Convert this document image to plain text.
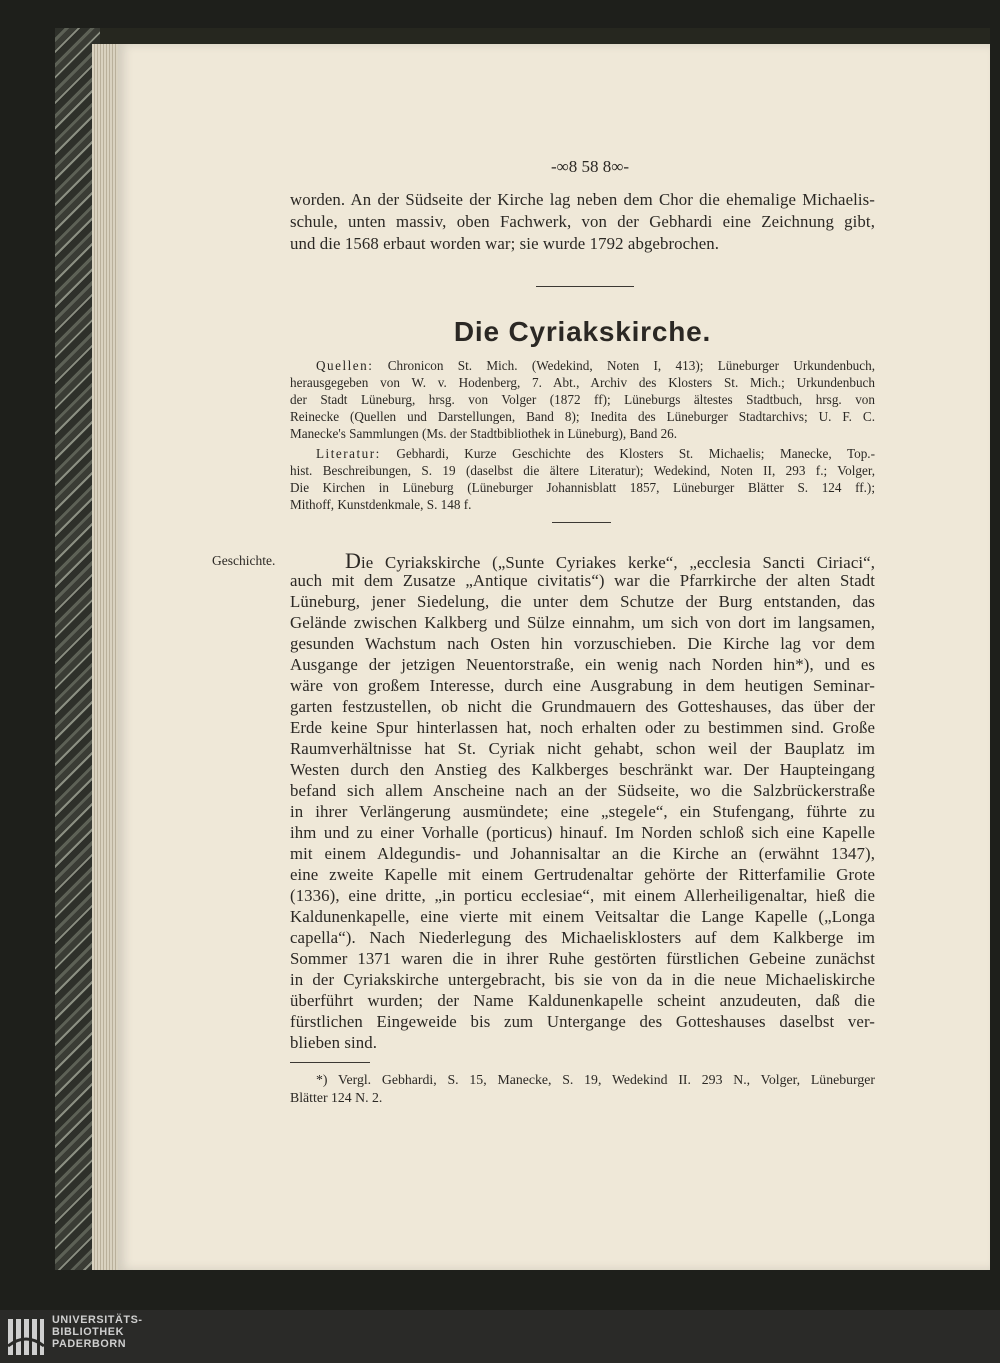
-∞8 58 8∞-
worden. An der Südseite der Kirche lag neben dem Chor die ehemalige Michaelis-
schule, unten massiv, oben Fachwerk, von der Gebhardi eine Zeichnung gibt,
und die 1568 erbaut worden war; sie wurde 1792 abgebrochen.
Die Cyriakskirche.
Quellen: Chronicon St. Mich. (Wedekind, Noten I, 413); Lüneburger Urkundenbuch,
herausgegeben von W. v. Hodenberg, 7. Abt., Archiv des Klosters St. Mich.; Urkundenbuch
der Stadt Lüneburg, hrsg. von Volger (1872 ff); Lüneburgs ältestes Stadtbuch, hrsg. von
Reinecke (Quellen und Darstellungen, Band 8); Inedita des Lüneburger Stadtarchivs; U. F. C.
Manecke's Sammlungen (Ms. der Stadtbibliothek in Lüneburg), Band 26.
Literatur: Gebhardi, Kurze Geschichte des Klosters St. Michaelis; Manecke, Top.-
hist. Beschreibungen, S. 19 (daselbst die ältere Literatur); Wedekind, Noten II, 293 f.; Volger,
Die Kirchen in Lüneburg (Lüneburger Johannisblatt 1857, Lüneburger Blätter S. 124 ff.);
Mithoff, Kunstdenkmale, S. 148 f.
Geschichte.	Die Cyriakskirche („Sunte Cyriakes kerke“, „ecclesia Sancti Ciriaci“,
auch mit dem Zusatze „Antique civitatis“) war die Pfarrkirche der alten Stadt
Lüneburg, jener Siedelung, die unter dem Schutze der Burg entstanden, das
Gelände zwischen Kalkberg und Sülze einnahm, um sich von dort im langsamen,
gesunden Wachstum nach Osten hin vorzuschieben. Die Kirche lag vor dem
Ausgange der jetzigen Neuentorstraße, ein wenig nach Norden hin*), und es
wäre von großem Interesse, durch eine Ausgrabung in dem heutigen Seminar-
garten festzustellen, ob nicht die Grundmauern des Gotteshauses, das über der
Erde keine Spur hinterlassen hat, noch erhalten oder zu bestimmen sind. Große
Raumverhältnisse hat St. Cyriak nicht gehabt, schon weil der Bauplatz im
Westen durch den Anstieg des Kalkberges beschränkt war. Der Haupteingang
befand sich allem Anscheine nach an der Südseite, wo die Salzbrückerstraße
in ihrer Verlängerung ausmündete; eine „stegele“, ein Stufengang, führte zu
ihm und zu einer Vorhalle (porticus) hinauf. Im Norden schloß sich eine Kapelle
mit einem Aldegundis- und Johannisaltar an die Kirche an (erwähnt 1347),
eine zweite Kapelle mit einem Gertrudenaltar gehörte der Ritterfamilie Grote
(1336), eine dritte, „in porticu ecclesiae“, mit einem Allerheiligenaltar, hieß die
Kaldunenkapelle, eine vierte mit einem Veitsaltar die Lange Kapelle („Longa
capella“). Nach Niederlegung des Michaelisklosters auf dem Kalkberge im
Sommer 1371 waren die in ihrer Ruhe gestörten fürstlichen Gebeine zunächst
in der Cyriakskirche untergebracht, bis sie von da in die neue Michaeliskirche
überführt wurden; der Name Kaldunenkapelle scheint anzudeuten, daß die
fürstlichen Eingeweide bis zum Untergange des Gotteshauses daselbst ver-
blieben sind.
*) Vergl. Gebhardi, S. 15, Manecke, S. 19, Wedekind II. 293 N., Volger, Lüneburger
Blätter 124 N. 2.
UNIVERSITÄTS-
BIBLIOTHEK
PADERBORN
